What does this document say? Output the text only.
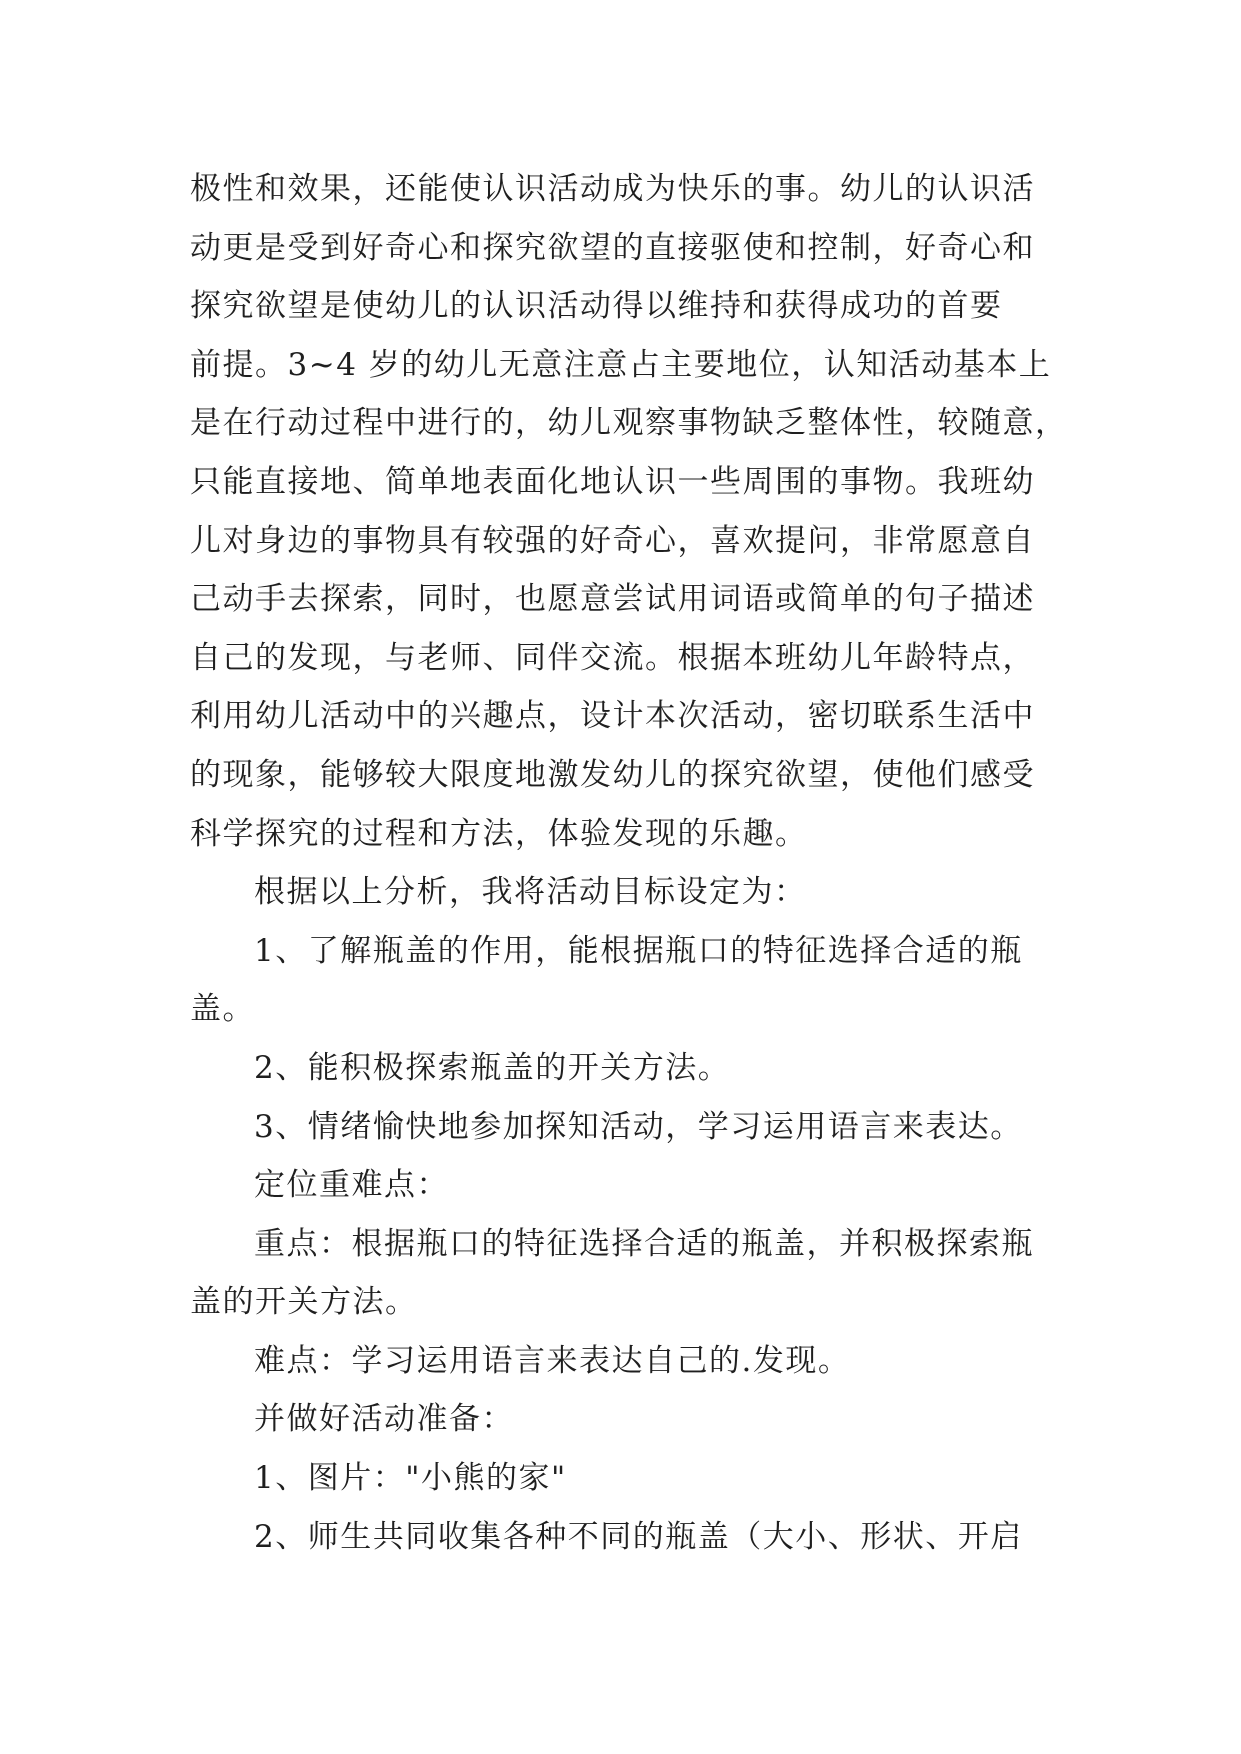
极性和效果，还能使认识活动成为快乐的事。幼儿的认识活
动更是受到好奇心和探究欲望的直接驱使和控制，好奇心和
探究欲望是使幼儿的认识活动得以维持和获得成功的首要
前提。3~4 岁的幼儿无意注意占主要地位，认知活动基本上
是在行动过程中进行的，幼儿观察事物缺乏整体性，较随意，
只能直接地、简单地表面化地认识一些周围的事物。我班幼
儿对身边的事物具有较强的好奇心，喜欢提问，非常愿意自
己动手去探索，同时，也愿意尝试用词语或简单的句子描述
自己的发现，与老师、同伴交流。根据本班幼儿年龄特点，
利用幼儿活动中的兴趣点，设计本次活动，密切联系生活中
的现象，能够较大限度地激发幼儿的探究欲望，使他们感受
科学探究的过程和方法，体验发现的乐趣。
根据以上分析，我将活动目标设定为：
1、了解瓶盖的作用，能根据瓶口的特征选择合适的瓶
盖。
2、能积极探索瓶盖的开关方法。
3、情绪愉快地参加探知活动，学习运用语言来表达。
定位重难点：
重点：根据瓶口的特征选择合适的瓶盖，并积极探索瓶
盖的开关方法。
难点：学习运用语言来表达自己的.发现。
并做好活动准备：
1、图片："小熊的家"
2、师生共同收集各种不同的瓶盖（大小、形状、开启
